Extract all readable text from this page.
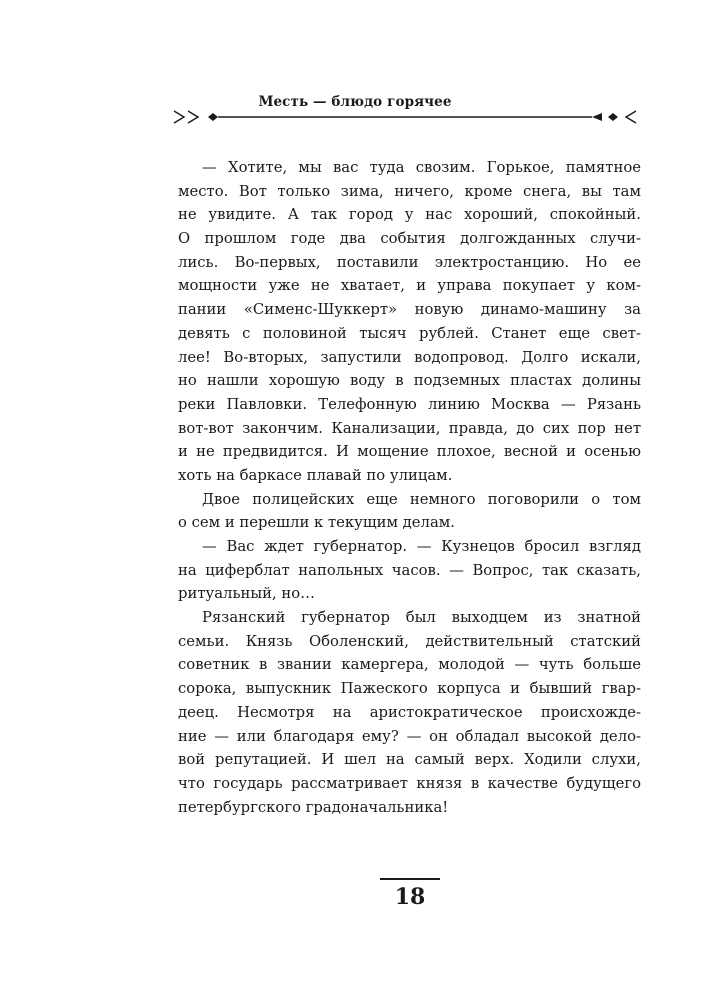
Месть — блюдо горячее
— Хотите, мы вас туда свозим. Горькое, памятное
место. Вот только зима, ничего, кроме снега, вы там
не увидите. А так город у нас хороший, спокойный.
О прошлом годе два события долгожданных случи-
лись. Во-первых, поставили электростанцию. Но ее
мощности уже не хватает, и управа покупает у ком-
пании «Сименс-Шуккерт» новую динамо-машину за
девять с половиной тысяч рублей. Станет еще свет-
лее! Во-вторых, запустили водопровод. Долго искали,
но нашли хорошую воду в подземных пластах долины
реки Павловки. Телефонную линию Москва — Рязань
вот-вот закончим. Канализации, правда, до сих пор нет
и не предвидится. И мощение плохое, весной и осенью
хоть на баркасе плавай по улицам.
Двое полицейских еще немного поговорили о том
о сем и перешли к текущим делам.
— Вас ждет губернатор. — Кузнецов бросил взгляд
на циферблат напольных часов. — Вопрос, так сказать,
ритуальный, но…
Рязанский губернатор был выходцем из знатной
семьи. Князь Оболенский, действительный статский
советник в звании камергера, молодой — чуть больше
сорока, выпускник Пажеского корпуса и бывший гвар-
деец. Несмотря на аристократическое происхожде-
ние — или благодаря ему? — он обладал высокой дело-
вой репутацией. И шел на самый верх. Ходили слухи,
что государь рассматривает князя в качестве будущего
петербургского градоначальника!
18
